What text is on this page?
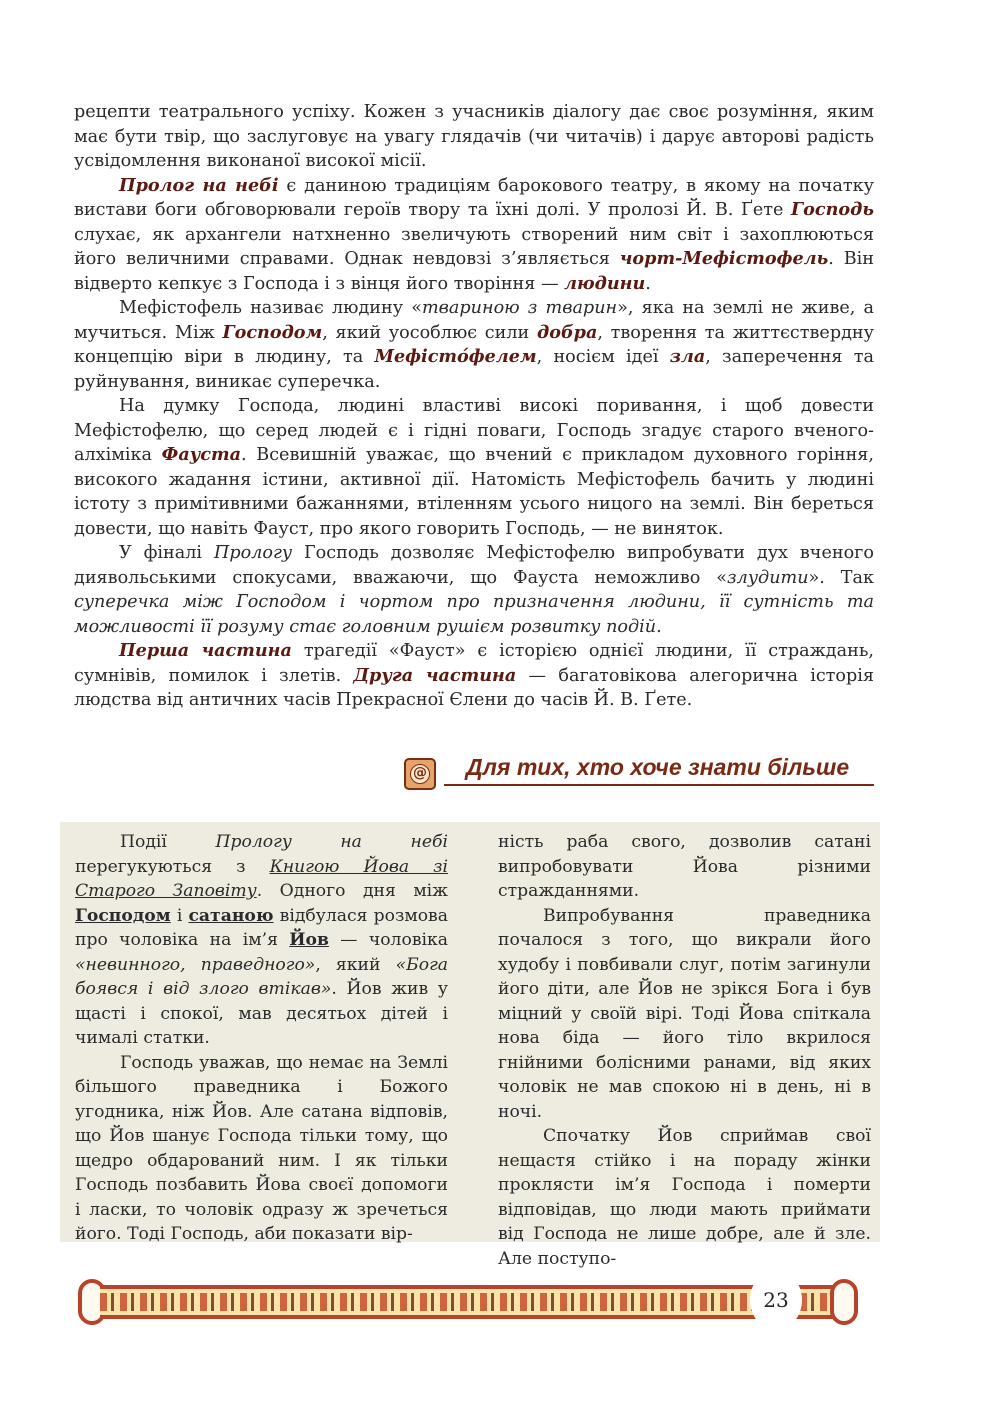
рецепти театрального успіху. Кожен з учасників діалогу дає своє розуміння, яким має бути твір, що заслуговує на увагу глядачів (чи читачів) і дарує авторові радість усвідомлення виконаної високої місії.

Пролог на небі є даниною традиціям барокового театру, в якому на початку вистави боги обговорювали героїв твору та їхні долі. У пролозі Й. В. Ґете Господь слухає, як архангели натхненно звеличують створений ним світ і захоплюються його величними справами. Однак невдовзі з’являється чорт-Мефістофель. Він відверто кепкує з Господа і з вінця його творіння — людини.

Мефістофель називає людину «твариною з тварин», яка на землі не живе, а мучиться. Між Господом, який уособлює сили добра, творення та життєствердну концепцію віри в людину, та Мефісто́фелем, носієм ідеї зла, заперечення та руйнування, виникає суперечка.

На думку Господа, людині властиві високі поривання, і щоб довести Мефістофелю, що серед людей є і гідні поваги, Господь згадує старого вченого-алхіміка Фауста. Всевишній уважає, що вчений є прикладом духовного горіння, високого жадання істини, активної дії. Натомість Мефістофель бачить у людині істоту з примітивними бажаннями, втіленням усього ницого на землі. Він береться довести, що навіть Фауст, про якого говорить Господь, — не виняток.

У фіналі Прологу Господь дозволяє Мефістофелю випробувати дух вченого диявольськими спокусами, вважаючи, що Фауста неможливо «злудити». Так суперечка між Господом і чортом про призначення людини, її сутність та можливості її розуму стає головним рушієм розвитку подій.

Перша частина трагедії «Фауст» є історією однієї людини, її страждань, сумнівів, помилок і злетів. Друга частина — багатовікова алегорична історія людства від античних часів Прекрасної Єлени до часів Й. В. Ґете.

@ Для тих, хто хоче знати більше

Події Прологу на небі перегукуються з Книгою Йова зі Старого Заповіту. Одного дня між Господом і сатаною відбулася розмова про чоловіка на ім’я Йов — чоловіка «невинного, праведного», який «Бога боявся і від злого втікав». Йов жив у щасті і спокої, мав десятьох дітей і чималі статки.

Господь уважав, що немає на Землі більшого праведника і Божого угодника, ніж Йов. Але сатана відповів, що Йов шанує Господа тільки тому, що щедро обдарований ним. І як тільки Господь позбавить Йова своєї допомоги і ласки, то чоловік одразу ж зречеться його. Тоді Господь, аби показати вір-

ність раба свого, дозволив сатані випробовувати Йова різними стражданнями.

Випробування праведника почалося з того, що викрали його худобу і повбивали слуг, потім загинули його діти, але Йов не зрікся Бога і був міцний у своїй вірі. Тоді Йова спіткала нова біда — його тіло вкрилося гнійними болісними ранами, від яких чоловік не мав спокою ні в день, ні в ночі.

Спочатку Йов сприймав свої нещастя стійко і на пораду жінки проклясти ім’я Господа і померти відповідав, що люди мають приймати від Господа не лише добре, але й зле. Але поступо-

23
